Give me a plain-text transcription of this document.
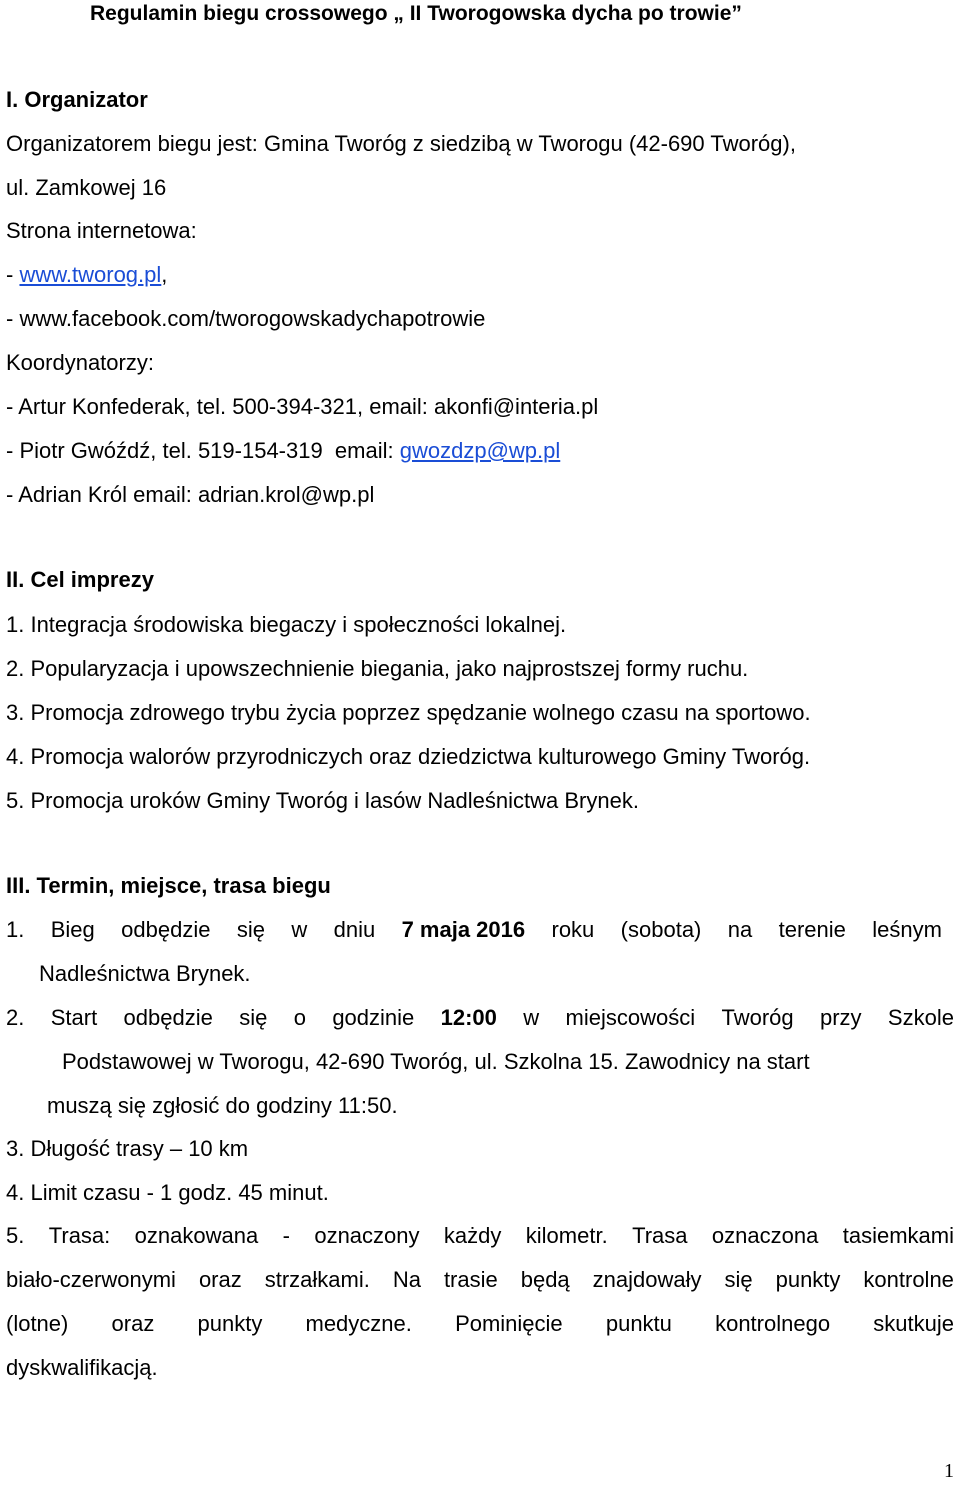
Regulamin biegu crossowego „ II Tworogowska dycha po trowie”
I. Organizator
Organizatorem biegu jest: Gmina Tworóg z siedzibą w Tworogu (42-690 Tworóg),
ul. Zamkowej 16
Strona internetowa:
- www.tworog.pl,
- www.facebook.com/tworogowskadychapotrowie
Koordynatorzy:
- Artur Konfederak, tel. 500-394-321, email: akonfi@interia.pl
- Piotr Gwóźdź, tel. 519-154-319  email: gwozdzp@wp.pl
- Adrian Król email: adrian.krol@wp.pl
II. Cel imprezy
1. Integracja środowiska biegaczy i społeczności lokalnej.
2. Popularyzacja i upowszechnienie biegania, jako najprostszej formy ruchu.
3. Promocja zdrowego trybu życia poprzez spędzanie wolnego czasu na sportowo.
4. Promocja walorów przyrodniczych oraz dziedzictwa kulturowego Gminy Tworóg.
5. Promocja uroków Gminy Tworóg i lasów Nadleśnictwa Brynek.
III. Termin, miejsce, trasa biegu
1. Bieg odbędzie się w dniu 7 maja 2016 roku (sobota) na terenie leśnym
Nadleśnictwa Brynek.
2. Start odbędzie się o godzinie 12:00 w miejscowości Tworóg przy Szkole
Podstawowej w Tworogu, 42-690 Tworóg, ul. Szkolna 15. Zawodnicy na start
muszą się zgłosić do godziny 11:50.
3. Długość trasy – 10 km
4. Limit czasu - 1 godz. 45 minut.
5. Trasa: oznakowana - oznaczony każdy kilometr. Trasa oznaczona tasiemkami
biało-czerwonymi oraz strzałkami. Na trasie będą znajdowały się punkty kontrolne
(lotne) oraz punkty medyczne. Pominięcie punktu kontrolnego skutkuje
dyskwalifikacją.
1
